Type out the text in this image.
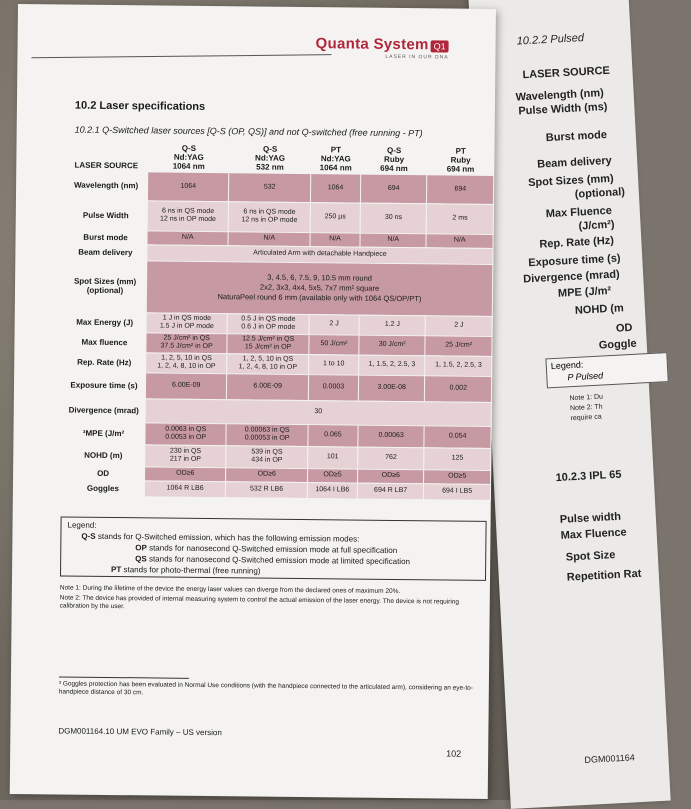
10.2.2 Pulsed
LASER SOURCE
Wavelength (nm)
Pulse Width (ms)
Burst mode
Beam delivery
Spot Sizes (mm)
(optional)
Max Fluence
(J/cm²)
Rep. Rate (Hz)
Exposure time (s)
Divergence (mrad)
MPE (J/m²
NOHD (m
OD
Goggle
Legend:
P Pulsed
Note 1: Du
Note 2: Th
require ca
10.2.3 IPL 65
Pulse width
Max Fluence
Spot Size
Repetition Rat
DGM001164
Quanta System Q1
LASER IN OUR DNA
10.2 Laser specifications
10.2.1 Q-Switched laser sources [Q-S (OP, QS)] and not Q-switched (free running - PT)
LASER SOURCE	Q-S
Nd:YAG
1064 nm	Q-S
Nd:YAG
532 nm	PT
Nd:YAG
1064 nm	Q-S
Ruby
694 nm	PT
Ruby
694 nm
Wavelength (nm)	1064	532	1064	694	694
Pulse Width	6 ns in QS mode
12 ns in OP mode	6 ns in QS mode
12 ns in OP mode	250 µs	30 ns	2 ms
Burst mode	N/A	N/A	N/A	N/A	N/A
Beam delivery	Articulated Arm with detachable Handpiece				
Spot Sizes (mm) (optional)	3, 4.5, 6, 7.5, 9, 10.5 mm round
2x2, 3x3, 4x4, 5x5, 7x7 mm² square
NaturaPeel round 6 mm (available only with 1064 QS/OP/PT)				

Max Energy (J)	1 J in QS mode
1.5 J in OP mode	0.5 J in QS mode
0.6 J in OP mode	2 J	1.2 J	2 J
Max fluence	25 J/cm² in QS
37.5 J/cm² in OP	12.5 J/cm² in QS
15 J/cm² in OP	50 J/cm²	30 J/cm²	25 J/cm²
Rep. Rate (Hz)	1, 2, 5, 10 in QS
1, 2, 4, 8, 10 in OP	1, 2, 5, 10 in QS
1, 2, 4, 8, 10 in OP	1 to 10	1, 1.5, 2, 2.5, 3	1, 1.5, 2, 2.5, 3
Exposure time (s)	6.00E-09	6.00E-09	0.0003	3.00E-08	0.002
Divergence (mrad)	30				
³MPE (J/m²	0.0063 in QS
0.0053 in OP	0.00063 in QS
0.00053 in OP	0.065	0.00063	0.054
NOHD (m)	230 in QS
217 in OP	539 in QS
434 in OP	101	762	125
OD	OD≥6	OD≥6	OD≥5	OD≥6	OD≥5
Goggles	1064 R LB6	532 R LB6	1064 I LB6	694 R LB7	694 I LB5
Legend:
Q-S stands for Q-Switched emission, which has the following emission modes:
OP stands for nanosecond Q-Switched emission mode at full specification
QS stands for nanosecond Q-Switched emission mode at limited specification
PT stands for photo-thermal (free running)
Note 1: During the lifetime of the device the energy laser values can diverge from the declared ones of maximum 20%.
Note 2: The device has provided of internal measuring system to control the actual emission of the laser energy. The device is not requiring calibration by the user.
³ Goggles protection has been evaluated in Normal Use conditions (with the handpiece connected to the articulated arm), considering an eye-to-handpiece distance of 30 cm.
DGM001164.10 UM EVO Family – US version
102
